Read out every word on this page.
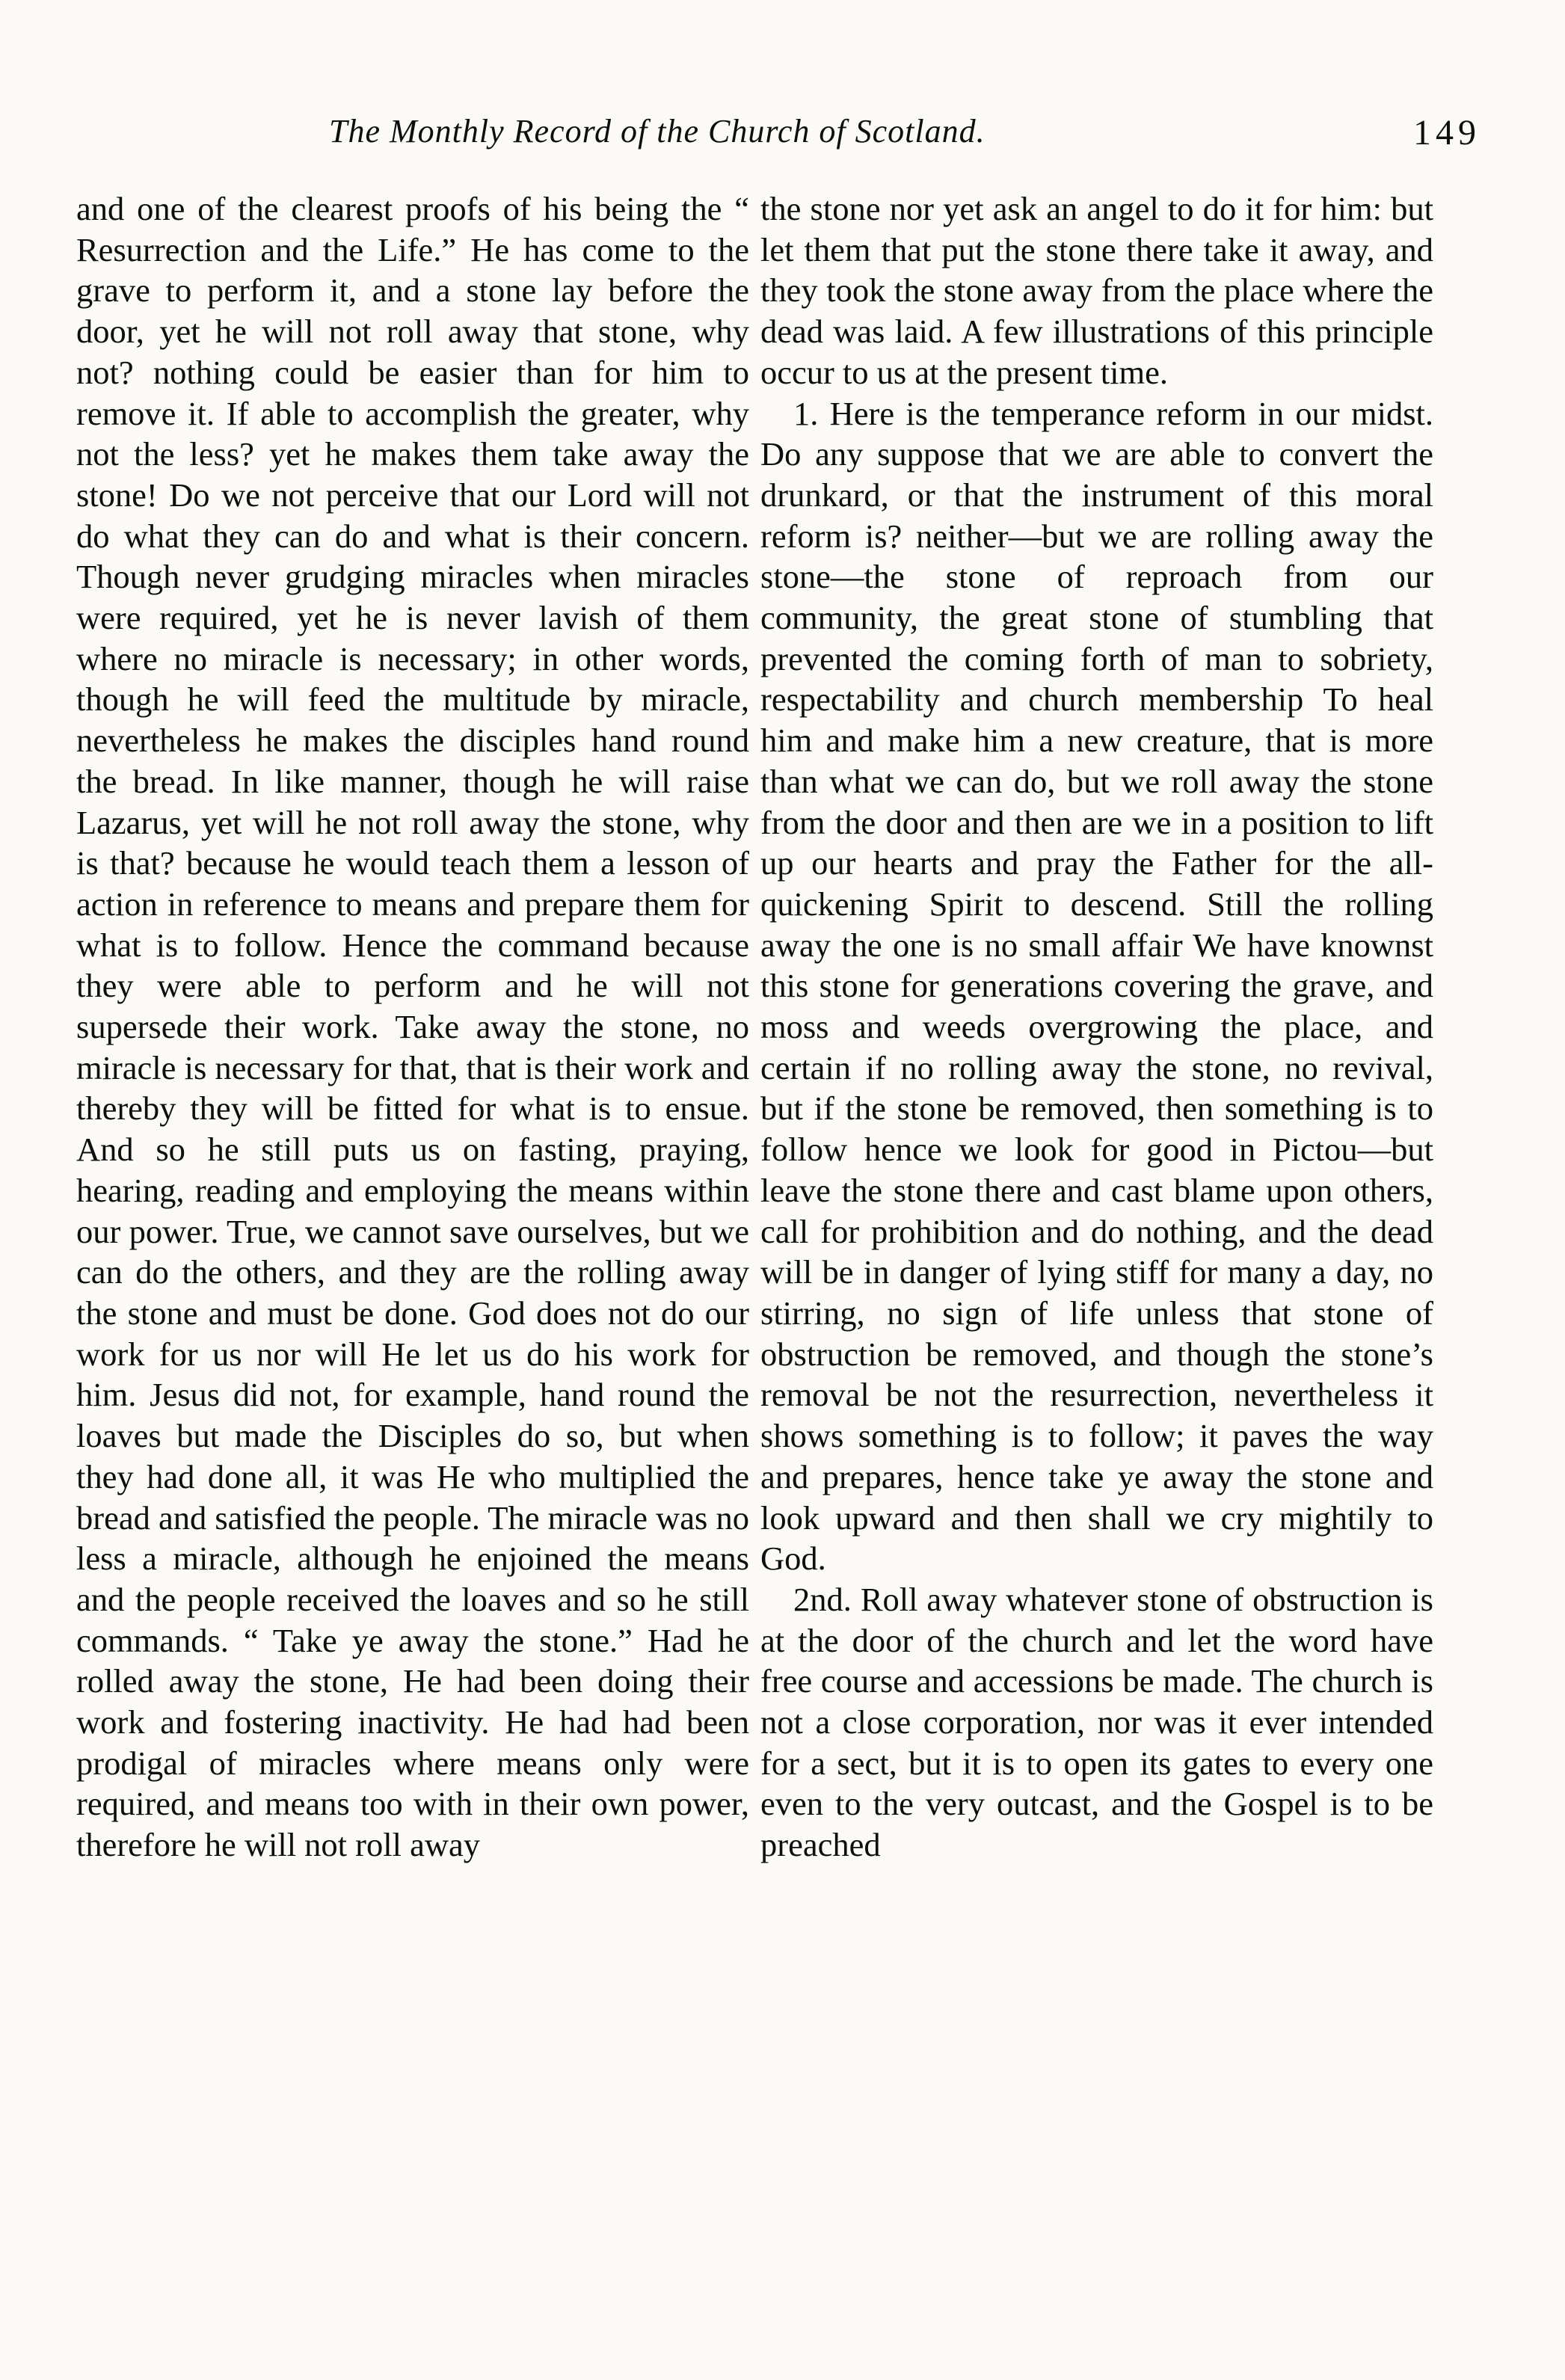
The Monthly Record of the Church of Scotland.	149

and one of the clearest proofs of his being the “ Resurrection and the Life.” He has come to the grave to perform it, and a stone lay before the door, yet he will not roll away that stone, why not? nothing could be easier than for him to remove it. If able to accomplish the greater, why not the less? yet he makes them take away the stone! Do we not perceive that our Lord will not do what they can do and what is their concern. Though never grudging miracles when miracles were required, yet he is never lavish of them where no miracle is necessary; in other words, though he will feed the multitude by miracle, nevertheless he makes the disciples hand round the bread. In like manner, though he will raise Lazarus, yet will he not roll away the stone, why is that? because he would teach them a lesson of action in reference to means and prepare them for what is to follow. Hence the command because they were able to perform and he will not supersede their work. Take away the stone, no miracle is necessary for that, that is their work and thereby they will be fitted for what is to ensue. And so he still puts us on fasting, praying, hearing, reading and employing the means within our power. True, we cannot save ourselves, but we can do the others, and they are the rolling away the stone and must be done. God does not do our work for us nor will He let us do his work for him. Jesus did not, for example, hand round the loaves but made the Disciples do so, but when they had done all, it was He who multiplied the bread and satisfied the people. The miracle was no less a miracle, although he enjoined the means and the people received the loaves and so he still commands. “ Take ye away the stone.” Had he rolled away the stone, He had been doing their work and fostering inactivity. He had had been prodigal of miracles where means only were required, and means too with in their own power, therefore he will not roll away

the stone nor yet ask an angel to do it for him: but let them that put the stone there take it away, and they took the stone away from the place where the dead was laid. A few illustrations of this principle occur to us at the present time.

1. Here is the temperance reform in our midst. Do any suppose that we are able to convert the drunkard, or that the instrument of this moral reform is? neither—but we are rolling away the stone—the stone of reproach from our community, the great stone of stumbling that prevented the coming forth of man to sobriety, respectability and church membership To heal him and make him a new creature, that is more than what we can do, but we roll away the stone from the door and then are we in a position to lift up our hearts and pray the Father for the all-quickening Spirit to descend. Still the rolling away the one is no small affair We have knownst this stone for generations covering the grave, and moss and weeds overgrowing the place, and certain if no rolling away the stone, no revival, but if the stone be removed, then something is to follow hence we look for good in Pictou—but leave the stone there and cast blame upon others, call for prohibition and do nothing, and the dead will be in danger of lying stiff for many a day, no stirring, no sign of life unless that stone of obstruction be removed, and though the stone’s removal be not the resurrection, nevertheless it shows something is to follow; it paves the way and prepares, hence take ye away the stone and look upward and then shall we cry mightily to God.

2nd. Roll away whatever stone of obstruction is at the door of the church and let the word have free course and accessions be made. The church is not a close corporation, nor was it ever intended for a sect, but it is to open its gates to every one even to the very outcast, and the Gospel is to be preached
